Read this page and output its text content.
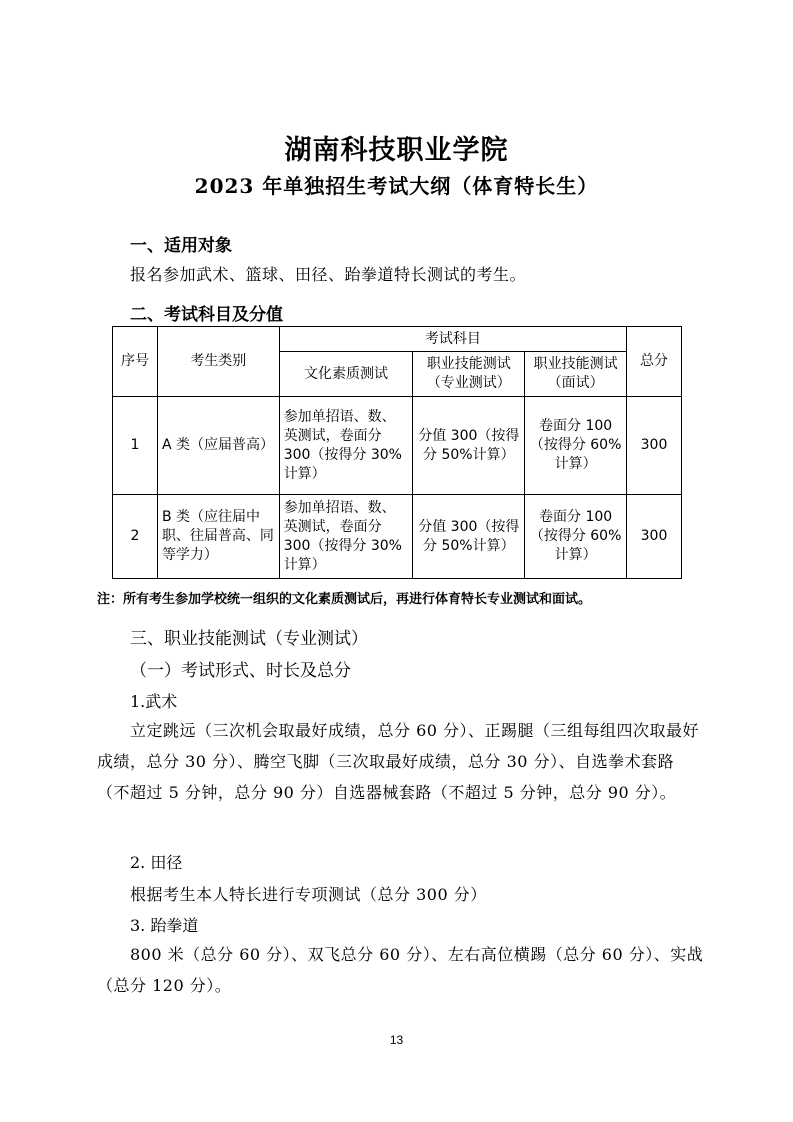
湖南科技职业学院
2023 年单独招生考试大纲（体育特长生）
一、适用对象
报名参加武术、篮球、田径、跆拳道特长测试的考生。
二、考试科目及分值
序号	考生类别	考试科目			总分
		文化素质测试	职业技能测试（专业测试）	职业技能测试（面试）	
1	A 类（应届普高）	参加单招语、数、英测试，卷面分 300（按得分 30%计算）	分值 300（按得分 50%计算）	卷面分 100（按得分 60%计算）	300
2	B 类（应往届中职、往届普高、同等学力）	参加单招语、数、英测试，卷面分 300（按得分 30%计算）	分值 300（按得分 50%计算）	卷面分 100（按得分 60%计算）	300
注：所有考生参加学校统一组织的文化素质测试后，再进行体育特长专业测试和面试。
三、职业技能测试（专业测试）
（一）考试形式、时长及总分
1.武术
立定跳远（三次机会取最好成绩，总分 60 分）、正踢腿（三组每组四次取最好成绩，总分 30 分）、腾空飞脚（三次取最好成绩，总分 30 分）、自选拳术套路（不超过 5 分钟，总分 90 分）自选器械套路（不超过 5 分钟，总分 90 分）。
2. 田径
根据考生本人特长进行专项测试（总分 300 分）
3. 跆拳道
800 米（总分 60 分）、双飞总分 60 分）、左右高位横踢（总分 60 分）、实战（总分 120 分）。
13
